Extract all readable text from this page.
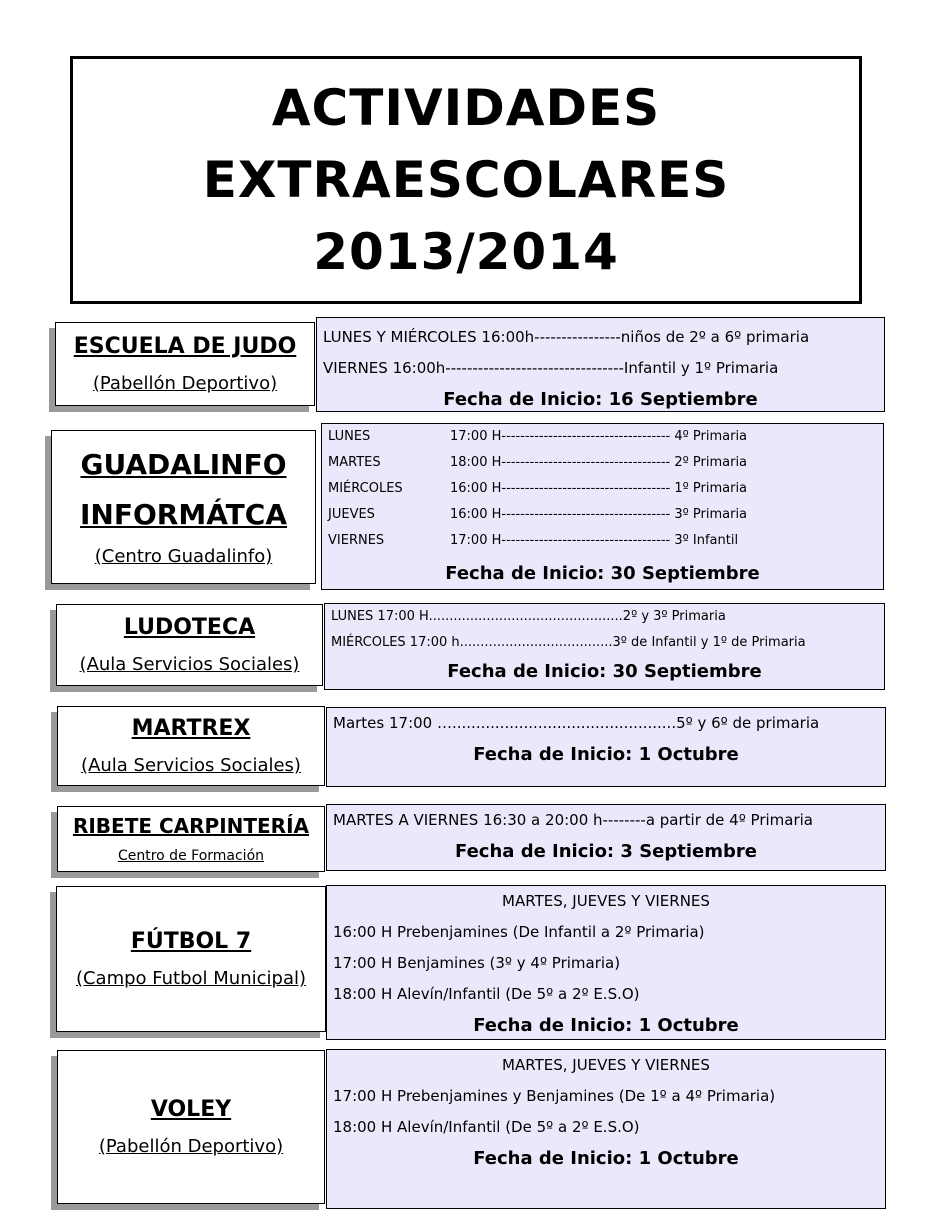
ACTIVIDADES
EXTRAESCOLARES
2013/2014
ESCUELA DE JUDO
(Pabellón Deportivo)
LUNES Y MIÉRCOLES 16:00h----------------niños de 2º a 6º primaria
VIERNES 16:00h---------------------------------Infantil y 1º Primaria
Fecha de Inicio: 16 Septiembre
GUADALINFO
INFORMÁTCA
(Centro Guadalinfo)
LUNES	17:00 H------------------------------------ 4º Primaria
MARTES	18:00 H------------------------------------ 2º Primaria
MIÉRCOLES	16:00 H------------------------------------ 1º Primaria
JUEVES	16:00 H------------------------------------ 3º Primaria
VIERNES	17:00 H------------------------------------ 3º Infantil
Fecha de Inicio: 30 Septiembre
LUDOTECA
(Aula Servicios Sociales)
LUNES 17:00 H...............................................2º y 3º Primaria
MIÉRCOLES 17:00 h.....................................3º de Infantil y 1º de Primaria
Fecha de Inicio: 30 Septiembre
MARTREX
(Aula Servicios Sociales)
Martes 17:00 …...............................................5º y 6º de primaria
Fecha de Inicio: 1 Octubre
RIBETE CARPINTERÍA
Centro de Formación
MARTES A VIERNES 16:30 a 20:00 h--------a partir de 4º Primaria
Fecha de Inicio: 3 Septiembre
FÚTBOL 7
(Campo Futbol Municipal)
MARTES, JUEVES Y VIERNES
16:00 H Prebenjamines (De Infantil a 2º Primaria)
17:00 H Benjamines (3º y 4º Primaria)
18:00 H Alevín/Infantil (De 5º a 2º E.S.O)
Fecha de Inicio: 1 Octubre
VOLEY
(Pabellón Deportivo)
MARTES, JUEVES Y VIERNES
17:00 H Prebenjamines y Benjamines (De 1º a 4º Primaria)
18:00 H Alevín/Infantil (De 5º a 2º E.S.O)
Fecha de Inicio: 1 Octubre
